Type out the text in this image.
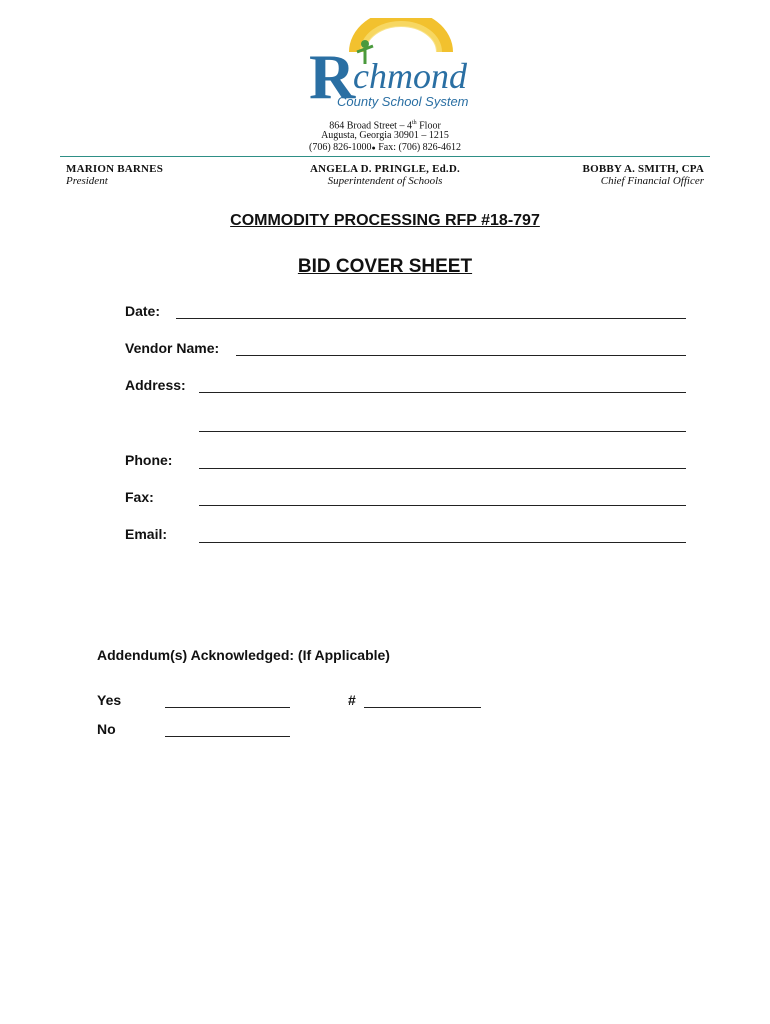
R
chmond
County School System
864 Broad Street – 4th Floor
Augusta, Georgia 30901 – 1215
(706) 826-1000● Fax: (706) 826-4612
MARION BARNES
President
ANGELA D. PRINGLE, Ed.D.
Superintendent of Schools
BOBBY A. SMITH, CPA
Chief Financial Officer
COMMODITY PROCESSING RFP #18-797
BID COVER SHEET
Date:
Vendor Name:
Address:
Phone:
Fax:
Email:
Addendum(s) Acknowledged: (If Applicable)
Yes	#
No
